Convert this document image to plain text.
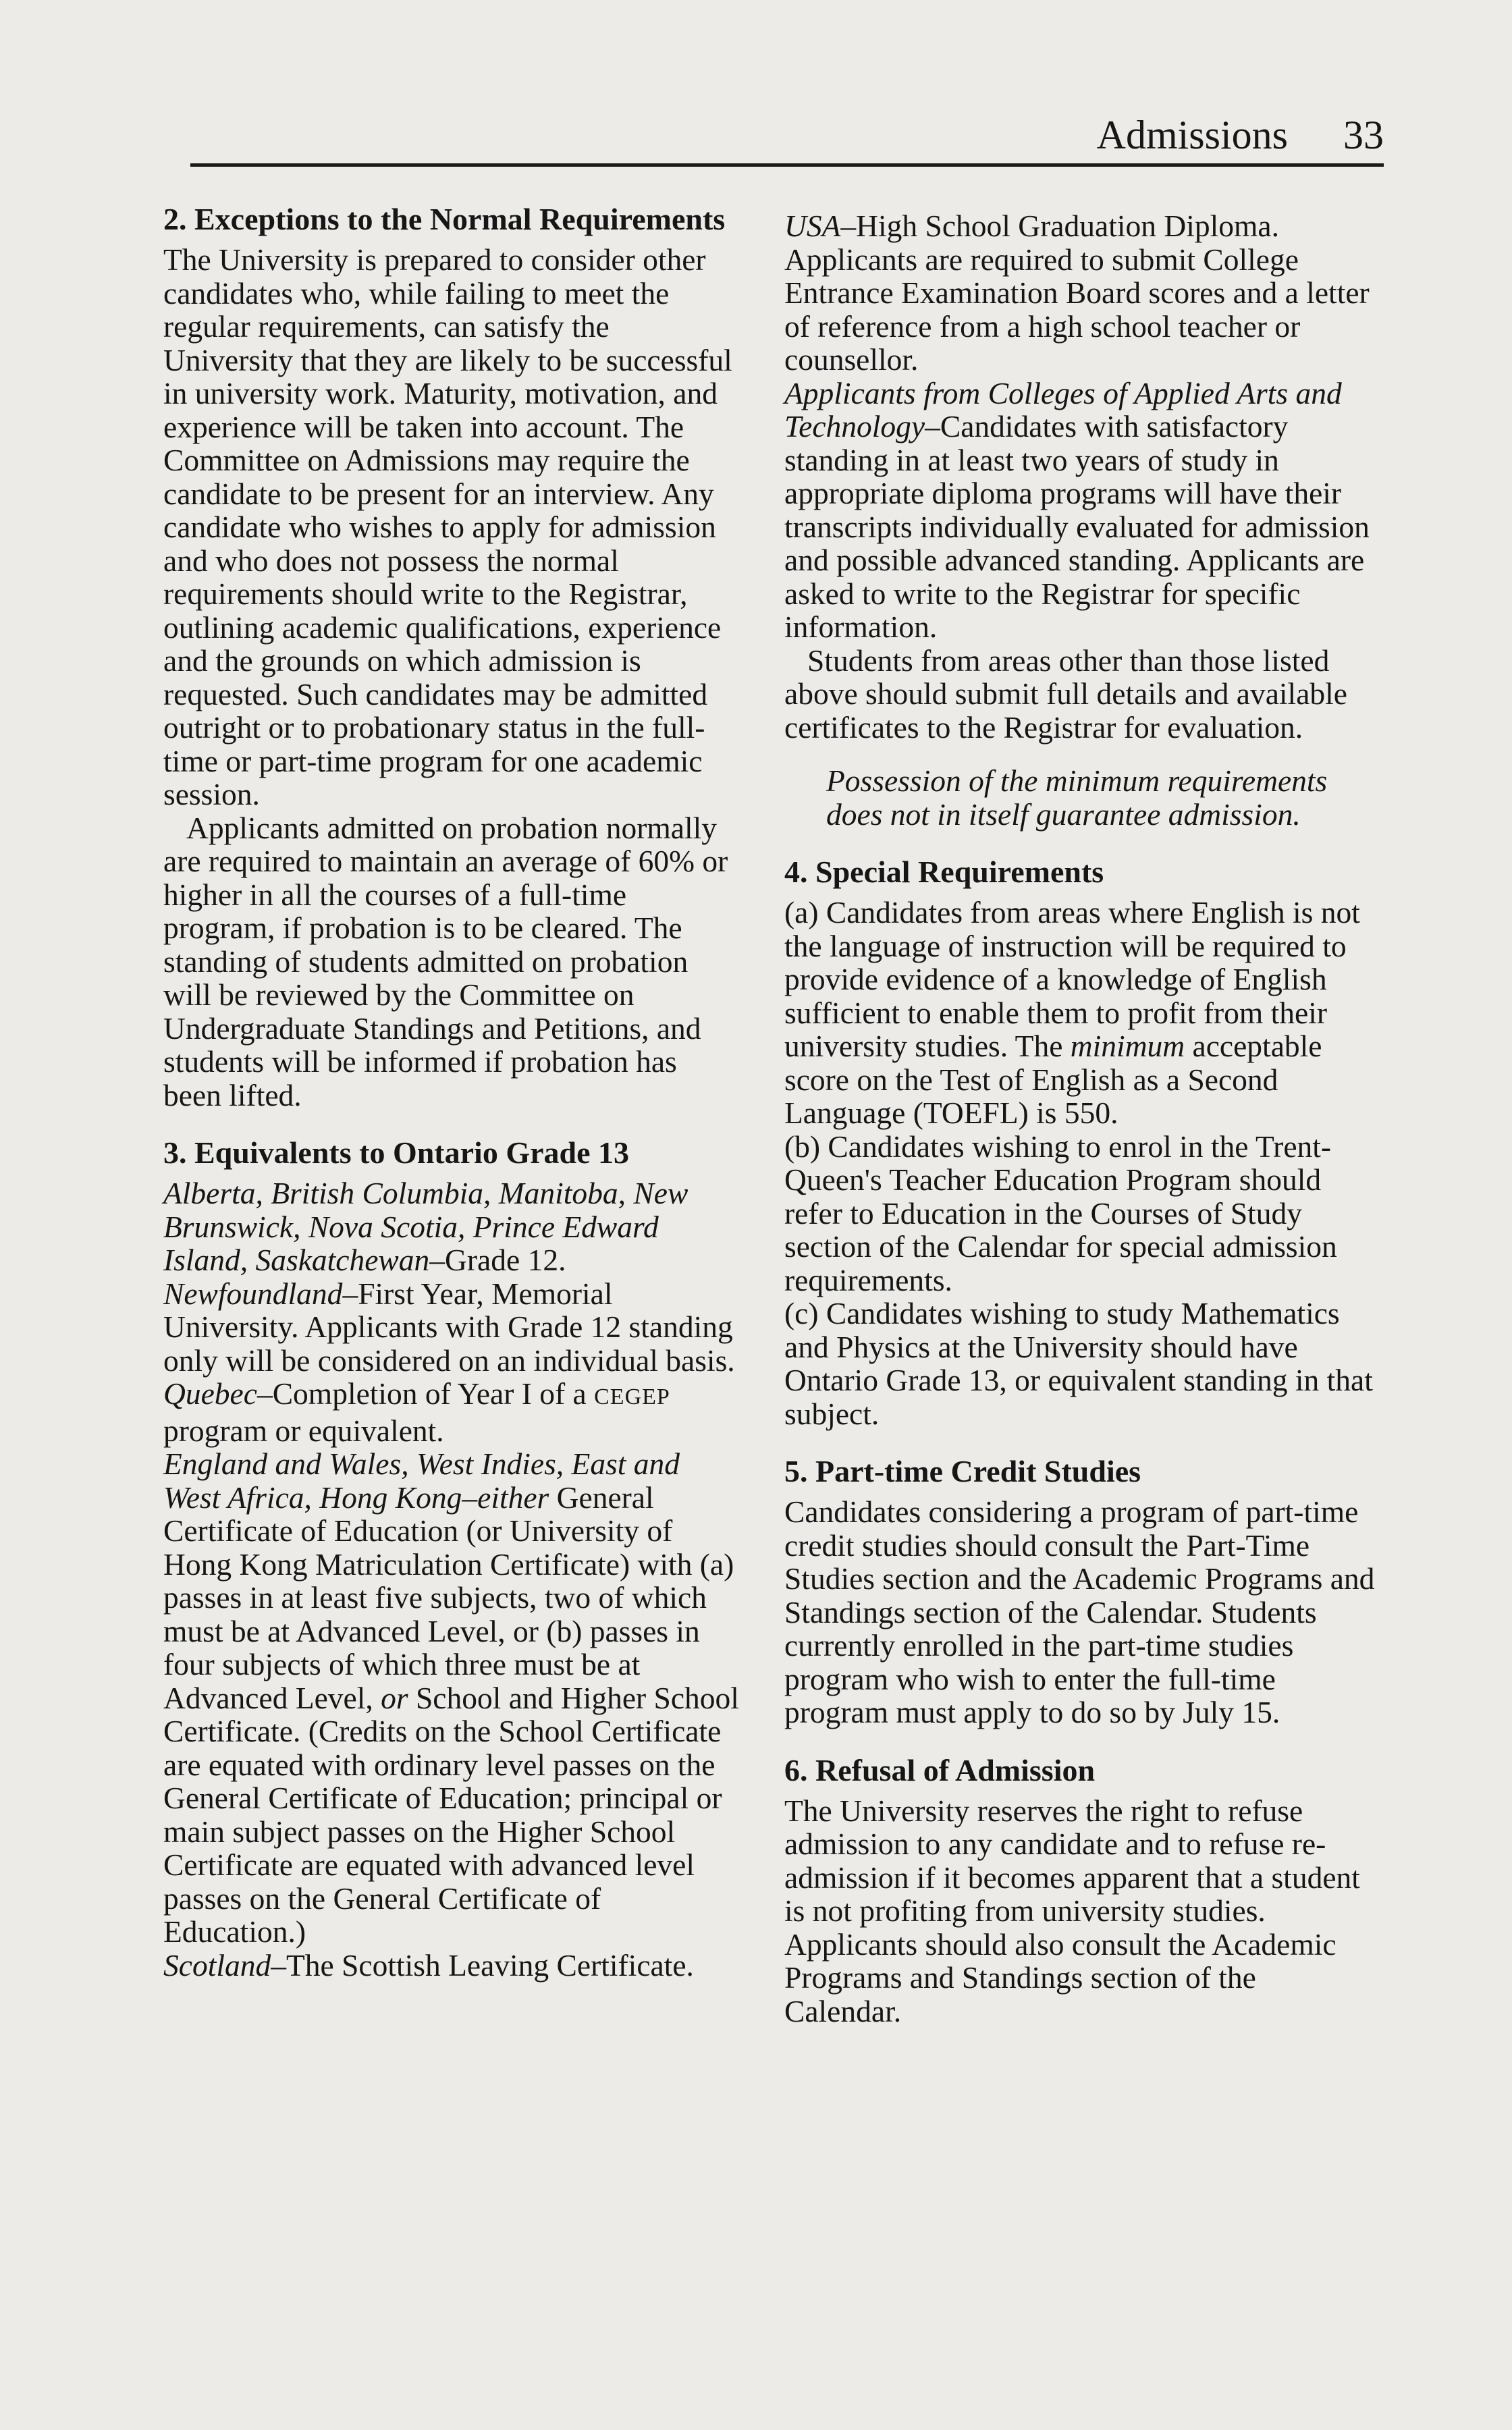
Admissions 33
2. Exceptions to the Normal Requirements

The University is prepared to consider other candidates who, while failing to meet the regular requirements, can satisfy the University that they are likely to be successful in university work. Maturity, motivation, and experience will be taken into account. The Committee on Admissions may require the candidate to be present for an interview. Any candidate who wishes to apply for admission and who does not possess the normal requirements should write to the Registrar, outlining academic qualifications, experience and the grounds on which admission is requested. Such candidates may be admitted outright or to probationary status in the full-time or part-time program for one academic session.

Applicants admitted on probation normally are required to maintain an average of 60% or higher in all the courses of a full-time program, if probation is to be cleared. The standing of students admitted on probation will be reviewed by the Committee on Undergraduate Standings and Petitions, and students will be informed if probation has been lifted.

3. Equivalents to Ontario Grade 13

Alberta, British Columbia, Manitoba, New Brunswick, Nova Scotia, Prince Edward Island, Saskatchewan–Grade 12.

Newfoundland–First Year, Memorial University. Applicants with Grade 12 standing only will be considered on an individual basis.

Quebec–Completion of Year I of a CEGEP program or equivalent.

England and Wales, West Indies, East and West Africa, Hong Kong–either General Certificate of Education (or University of Hong Kong Matriculation Certificate) with (a) passes in at least five subjects, two of which must be at Advanced Level, or (b) passes in four subjects of which three must be at Advanced Level, or School and Higher School Certificate. (Credits on the School Certificate are equated with ordinary level passes on the General Certificate of Education; principal or main subject passes on the Higher School Certificate are equated with advanced level passes on the General Certificate of Education.)

Scotland–The Scottish Leaving Certificate.

USA–High School Graduation Diploma. Applicants are required to submit College Entrance Examination Board scores and a letter of reference from a high school teacher or counsellor.

Applicants from Colleges of Applied Arts and Technology–Candidates with satisfactory standing in at least two years of study in appropriate diploma programs will have their transcripts individually evaluated for admission and possible advanced standing. Applicants are asked to write to the Registrar for specific information.

Students from areas other than those listed above should submit full details and available certificates to the Registrar for evaluation.

Possession of the minimum requirements does not in itself guarantee admission.

4. Special Requirements

(a) Candidates from areas where English is not the language of instruction will be required to provide evidence of a knowledge of English sufficient to enable them to profit from their university studies. The minimum acceptable score on the Test of English as a Second Language (TOEFL) is 550.

(b) Candidates wishing to enrol in the Trent-Queen's Teacher Education Program should refer to Education in the Courses of Study section of the Calendar for special admission requirements.

(c) Candidates wishing to study Mathematics and Physics at the University should have Ontario Grade 13, or equivalent standing in that subject.

5. Part-time Credit Studies

Candidates considering a program of part-time credit studies should consult the Part-Time Studies section and the Academic Programs and Standings section of the Calendar. Students currently enrolled in the part-time studies program who wish to enter the full-time program must apply to do so by July 15.

6. Refusal of Admission

The University reserves the right to refuse admission to any candidate and to refuse re-admission if it becomes apparent that a student is not profiting from university studies. Applicants should also consult the Academic Programs and Standings section of the Calendar.
